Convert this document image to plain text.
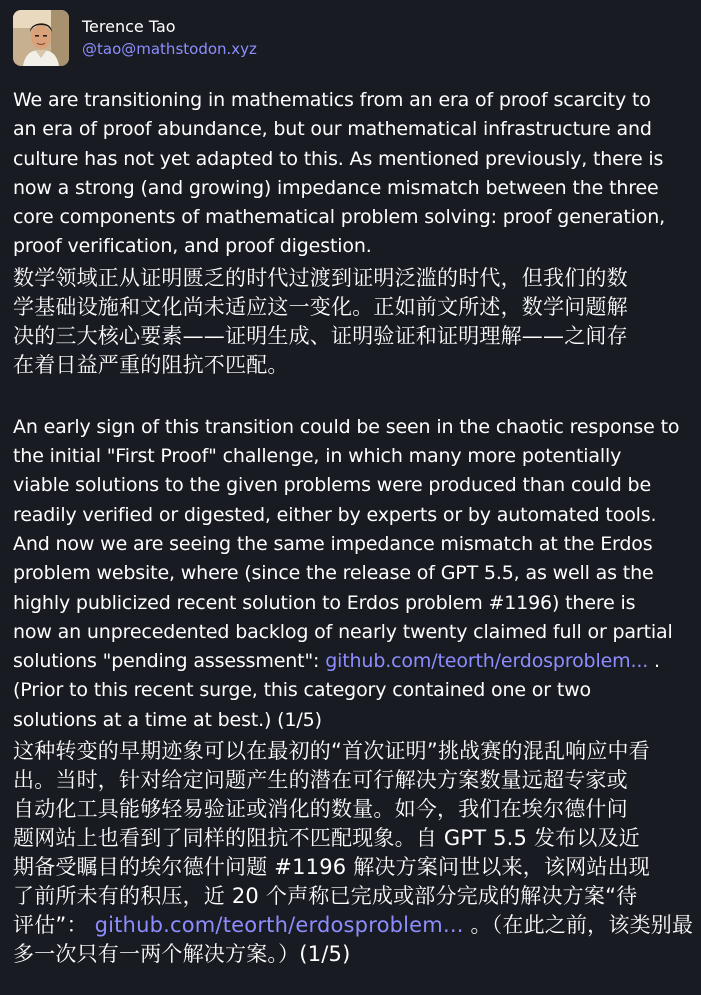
Terence Tao
@tao@mathstodon.xyz

We are transitioning in mathematics from an era of proof scarcity to
an era of proof abundance, but our mathematical infrastructure and
culture has not yet adapted to this. As mentioned previously, there is
now a strong (and growing) impedance mismatch between the three
core components of mathematical problem solving: proof generation,
proof verification, and proof digestion.

数学领域正从证明匮乏的时代过渡到证明泛滥的时代，但我们的数
学基础设施和文化尚未适应这一变化。正如前文所述，数学问题解
决的三大核心要素——证明生成、证明验证和证明理解——之间存
在着日益严重的阻抗不匹配。

An early sign of this transition could be seen in the chaotic response to
the initial "First Proof" challenge, in which many more potentially
viable solutions to the given problems were produced than could be
readily verified or digested, either by experts or by automated tools.
And now we are seeing the same impedance mismatch at the Erdos
problem website, where (since the release of GPT 5.5, as well as the
highly publicized recent solution to Erdos problem #1196) there is
now an unprecedented backlog of nearly twenty claimed full or partial
solutions "pending assessment": github.com/teorth/erdosproblem... .
(Prior to this recent surge, this category contained one or two
solutions at a time at best.) (1/5)

这种转变的早期迹象可以在最初的“首次证明”挑战赛的混乱响应中看
出。当时，针对给定问题产生的潜在可行解决方案数量远超专家或
自动化工具能够轻易验证或消化的数量。如今，我们在埃尔德什问
题网站上也看到了同样的阻抗不匹配现象。自 GPT 5.5 发布以及近
期备受瞩目的埃尔德什问题 #1196 解决方案问世以来，该网站出现
了前所未有的积压，近 20 个声称已完成或部分完成的解决方案“待
评估”： github.com/teorth/erdosproblem... 。（在此之前，该类别最
多一次只有一两个解决方案。）(1/5)
